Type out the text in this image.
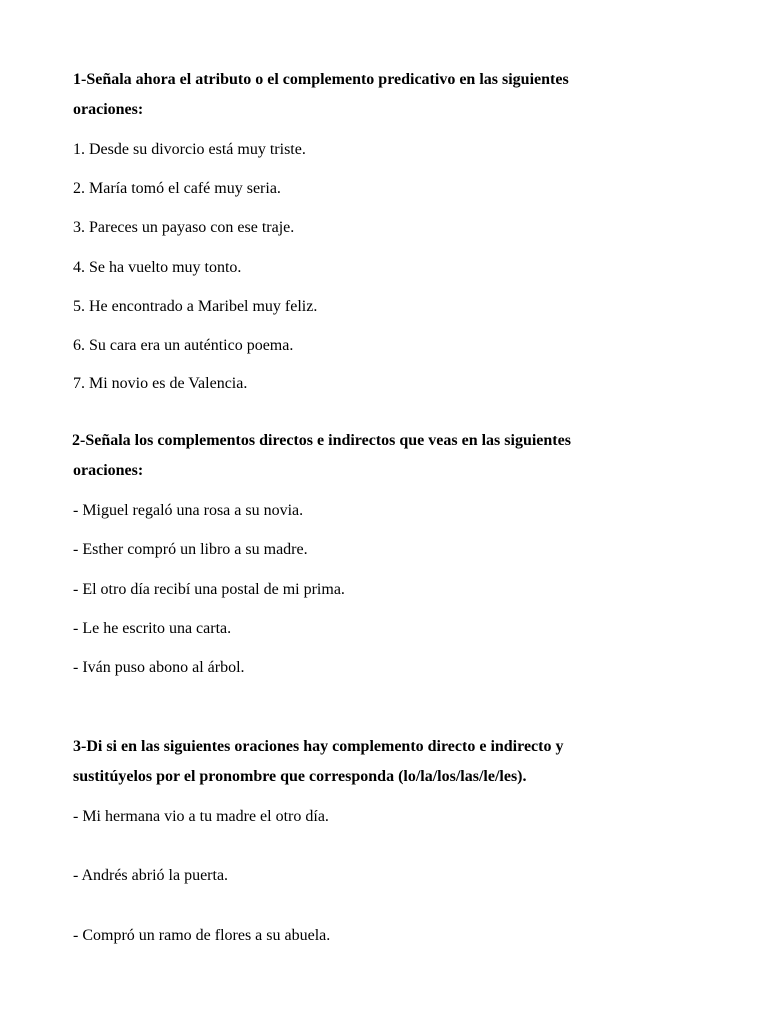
1-Señala ahora el atributo o el complemento predicativo en las siguientes
oraciones:
1. Desde su divorcio está muy triste.
2. María tomó el café muy seria.
3. Pareces un payaso con ese traje.
4. Se ha vuelto muy tonto.
5. He encontrado a Maribel muy feliz.
6. Su cara era un auténtico poema.
7. Mi novio es de Valencia.
2-Señala los complementos directos e indirectos que veas en las siguientes
oraciones:
- Miguel regaló una rosa a su novia.
- Esther compró un libro a su madre.
- El otro día recibí una postal de mi prima.
- Le he escrito una carta.
- Iván puso abono al árbol.
3-Di si en las siguientes oraciones hay complemento directo e indirecto y
sustitúyelos por el pronombre que corresponda (lo/la/los/las/le/les).
- Mi hermana vio a tu madre el otro día.
- Andrés abrió la puerta.
- Compró un ramo de flores a su abuela.
